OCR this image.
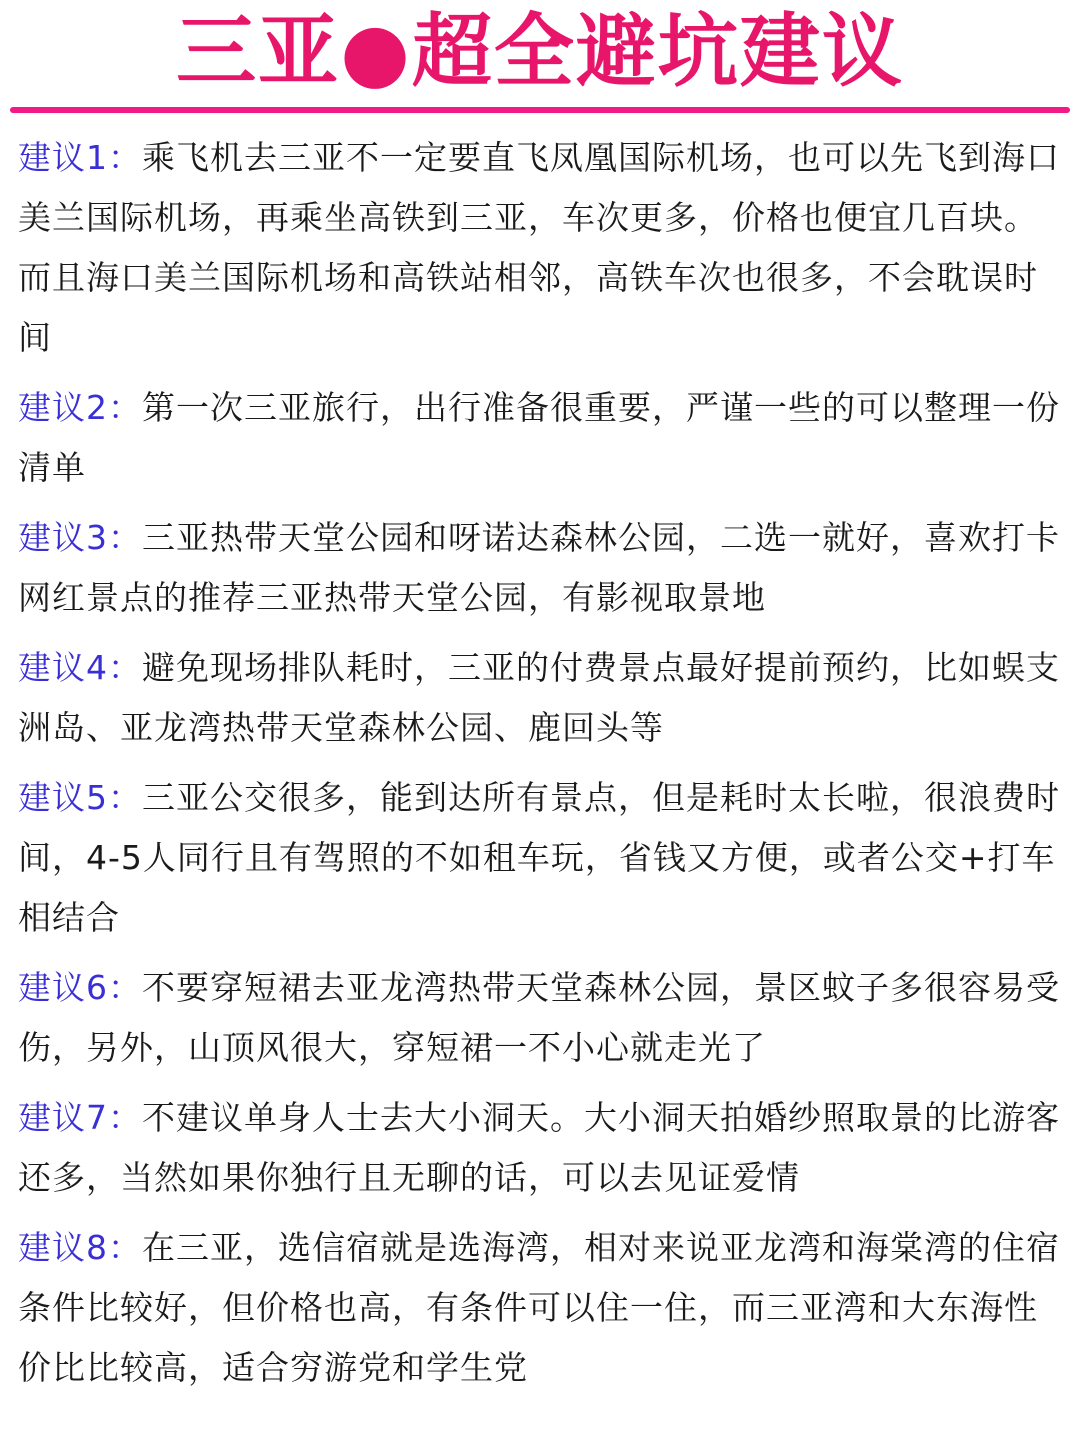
三亚●超全避坑建议

建议1：乘飞机去三亚不一定要直飞凤凰国际机场，也可以先飞到海口美兰国际机场，再乘坐高铁到三亚，车次更多，价格也便宜几百块。而且海口美兰国际机场和高铁站相邻，高铁车次也很多，不会耽误时间

建议2：第一次三亚旅行，出行准备很重要，严谨一些的可以整理一份清单

建议3：三亚热带天堂公园和呀诺达森林公园，二选一就好，喜欢打卡网红景点的推荐三亚热带天堂公园，有影视取景地

建议4：避免现场排队耗时，三亚的付费景点最好提前预约，比如蜈支洲岛、亚龙湾热带天堂森林公园、鹿回头等

建议5：三亚公交很多，能到达所有景点，但是耗时太长啦，很浪费时间，4-5人同行且有驾照的不如租车玩，省钱又方便，或者公交+打车相结合

建议6：不要穿短裙去亚龙湾热带天堂森林公园，景区蚊子多很容易受伤，另外，山顶风很大，穿短裙一不小心就走光了

建议7：不建议单身人士去大小洞天。大小洞天拍婚纱照取景的比游客还多，当然如果你独行且无聊的话，可以去见证爱情

建议8：在三亚，选信宿就是选海湾，相对来说亚龙湾和海棠湾的住宿条件比较好，但价格也高，有条件可以住一住，而三亚湾和大东海性价比比较高，适合穷游党和学生党
